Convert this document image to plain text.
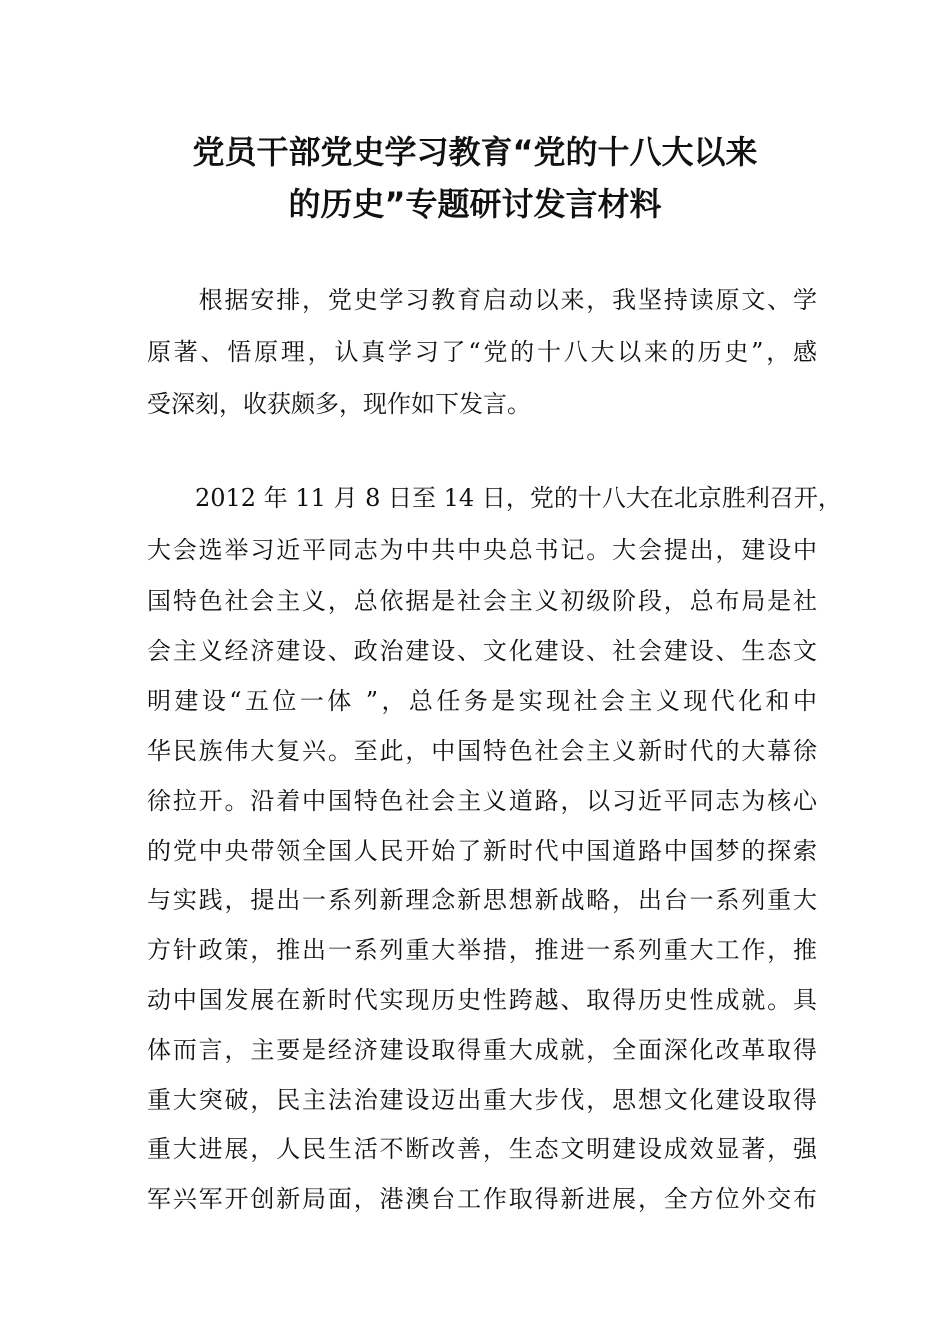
党员干部党史学习教育“党的十八大以来
的历史”专题研讨发言材料
　　根据安排，党史学习教育启动以来，我坚持读原文、学
原著、悟原理，认真学习了“党的十八大以来的历史”，感
受深刻，收获颇多，现作如下发言。
　　2012 年 11 月 8 日至 14 日，党的十八大在北京胜利召开，
大会选举习近平同志为中共中央总书记。大会提出，建设中
国特色社会主义，总依据是社会主义初级阶段，总布局是社
会主义经济建设、政治建设、文化建设、社会建设、生态文
明建设“五位一体 ”，总任务是实现社会主义现代化和中
华民族伟大复兴。至此，中国特色社会主义新时代的大幕徐
徐拉开。沿着中国特色社会主义道路，以习近平同志为核心
的党中央带领全国人民开始了新时代中国道路中国梦的探索
与实践，提出一系列新理念新思想新战略，出台一系列重大
方针政策，推出一系列重大举措，推进一系列重大工作，推
动中国发展在新时代实现历史性跨越、取得历史性成就。具
体而言，主要是经济建设取得重大成就，全面深化改革取得
重大突破，民主法治建设迈出重大步伐，思想文化建设取得
重大进展，人民生活不断改善，生态文明建设成效显著，强
军兴军开创新局面，港澳台工作取得新进展，全方位外交布
